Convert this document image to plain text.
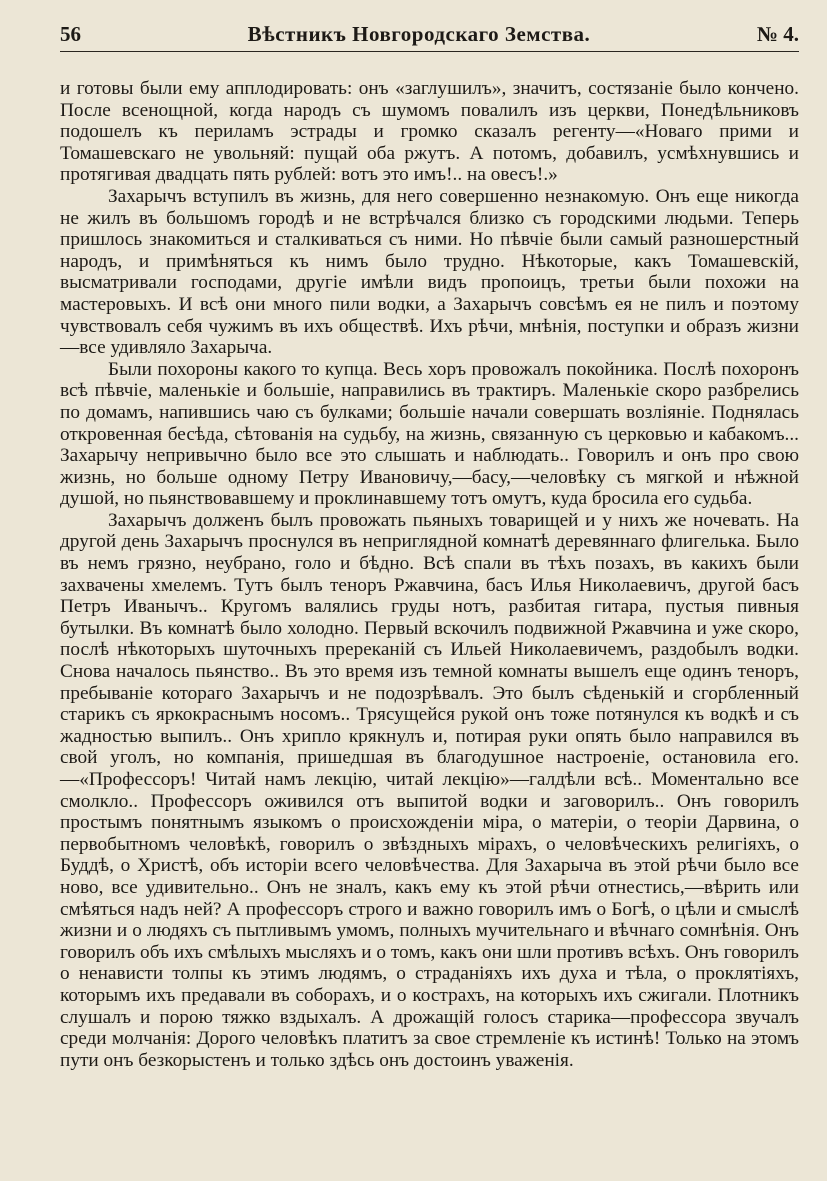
56	Вѣстникъ Новгородскаго Земства.	№ 4.

и готовы были ему апплодировать: онъ «заглушилъ», значитъ, состязаніе было кончено. После всенощной, когда народъ съ шумомъ повалилъ изъ церкви, Понедѣльниковъ подошелъ къ периламъ эстрады и громко сказалъ регенту—«Новаго прими и Томашевскаго не увольняй: пущай оба ржутъ. А потомъ, добавилъ, усмѣхнувшись и протягивая двадцать пять рублей: вотъ это имъ!.. на овесъ!.»

Захарычъ вступилъ въ жизнь, для него совершенно незнакомую. Онъ еще никогда не жилъ въ большомъ городѣ и не встрѣчался близко съ городскими людьми. Теперь пришлось знакомиться и сталкиваться съ ними. Но пѣвчіе были самый разношерстный народъ, и примѣняться къ нимъ было трудно. Нѣкоторые, какъ Томашевскій, высматривали господами, другіе имѣли видъ пропоицъ, третьи были похожи на мастеровыхъ. И всѣ они много пили водки, а Захарычъ совсѣмъ ея не пилъ и поэтому чувствовалъ себя чужимъ въ ихъ обществѣ. Ихъ рѣчи, мнѣнія, поступки и образъ жизни—все удивляло Захарыча.

Были похороны какого то купца. Весь хоръ провожалъ покойника. Послѣ похоронъ всѣ пѣвчіе, маленькіе и большіе, направились въ трактиръ. Маленькіе скоро разбрелись по домамъ, напившись чаю съ булками; большіе начали совершать возліяніе. Поднялась откровенная бесѣда, сѣтованія на судьбу, на жизнь, связанную съ церковью и кабакомъ... Захарычу непривычно было все это слышать и наблюдать.. Говорилъ и онъ про свою жизнь, но больше одному Петру Ивановичу,—басу,—человѣку съ мягкой и нѣжной душой, но пьянствовавшему и проклинавшему тотъ омутъ, куда бросила его судьба.

Захарычъ долженъ былъ провожать пьяныхъ товарищей и у нихъ же ночевать. На другой день Захарычъ проснулся въ неприглядной комнатѣ деревяннаго флигелька. Было въ немъ грязно, неубрано, голо и бѣдно. Всѣ спали въ тѣхъ позахъ, въ какихъ были захвачены хмелемъ. Тутъ былъ теноръ Ржавчина, басъ Илья Николаевичъ, другой басъ Петръ Иванычъ.. Кругомъ валялись груды нотъ, разбитая гитара, пустыя пивныя бутылки. Въ комнатѣ было холодно. Первый вскочилъ подвижной Ржавчина и уже скоро, послѣ нѣкоторыхъ шуточныхъ пререканій съ Ильей Николаевичемъ, раздобылъ водки. Снова началось пьянство.. Въ это время изъ темной комнаты вышелъ еще одинъ теноръ, пребываніе котораго Захарычъ и не подозрѣвалъ. Это былъ сѣденькій и сгорбленный старикъ съ яркокраснымъ носомъ.. Трясущейся рукой онъ тоже потянулся къ водкѣ и съ жадностью выпилъ.. Онъ хрипло крякнулъ и, потирая руки опять было направился въ свой уголъ, но компанія, пришедшая въ благодушное настроеніе, остановила его.—«Профессоръ! Читай намъ лекцію, читай лекцію»—галдѣли всѣ.. Моментально все смолкло.. Профессоръ оживился отъ выпитой водки и заговорилъ.. Онъ говорилъ простымъ понятнымъ языкомъ о происхожденіи міра, о матеріи, о теоріи Дарвина, о первобытномъ человѣкѣ, говорилъ о звѣздныхъ мірахъ, о человѣческихъ религіяхъ, о Буддѣ, о Христѣ, объ исторіи всего человѣчества. Для Захарыча въ этой рѣчи было все ново, все удивительно.. Онъ не зналъ, какъ ему къ этой рѣчи отнестись,—вѣрить или смѣяться надъ ней? А профессоръ строго и важно говорилъ имъ о Богѣ, о цѣли и смыслѣ жизни и о людяхъ съ пытливымъ умомъ, полныхъ мучительнаго и вѣчнаго сомнѣнія. Онъ говорилъ объ ихъ смѣлыхъ мысляхъ и о томъ, какъ они шли противъ всѣхъ. Онъ говорилъ о ненависти толпы къ этимъ людямъ, о страданіяхъ ихъ духа и тѣла, о проклятіяхъ, которымъ ихъ предавали въ соборахъ, и о кострахъ, на которыхъ ихъ сжигали. Плотникъ слушалъ и порою тяжко вздыхалъ. А дрожащій голосъ старика—профессора звучалъ среди молчанія: Дорого человѣкъ платитъ за свое стремленіе къ истинѣ! Только на этомъ пути онъ безкорыстенъ и только здѣсь онъ достоинъ уваженія.
